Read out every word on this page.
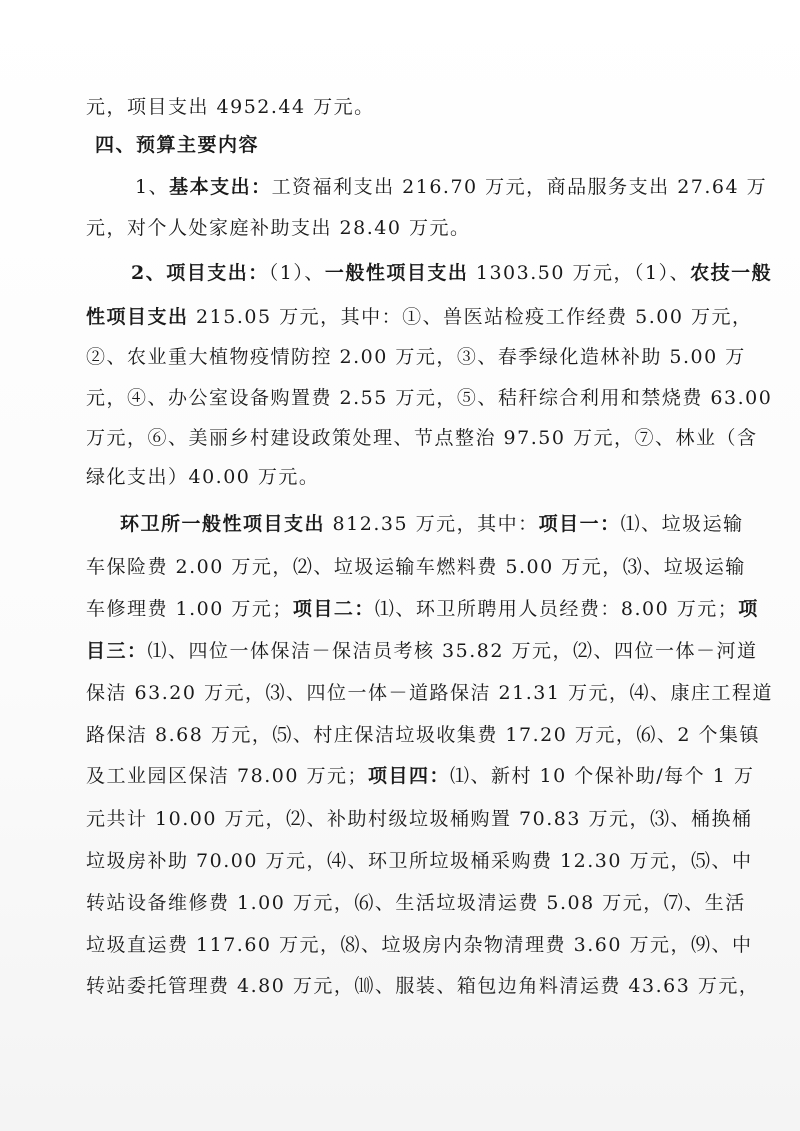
元，项目支出 4952.44 万元。
四、预算主要内容
1、基本支出：工资福利支出 216.70 万元，商品服务支出 27.64 万
元，对个人处家庭补助支出 28.40 万元。
2、项目支出：（1）、一般性项目支出 1303.50 万元，（1）、农技一般
性项目支出 215.05 万元，其中：①、兽医站检疫工作经费 5.00 万元，
②、农业重大植物疫情防控 2.00 万元，③、春季绿化造林补助 5.00 万
元，④、办公室设备购置费 2.55 万元，⑤、秸秆综合利用和禁烧费 63.00
万元，⑥、美丽乡村建设政策处理、节点整治 97.50 万元，⑦、林业（含
绿化支出）40.00 万元。
环卫所一般性项目支出 812.35 万元，其中：项目一：⑴、垃圾运输
车保险费 2.00 万元，⑵、垃圾运输车燃料费 5.00 万元，⑶、垃圾运输
车修理费 1.00 万元；项目二：⑴、环卫所聘用人员经费：8.00 万元；项
目三：⑴、四位一体保洁－保洁员考核 35.82 万元，⑵、四位一体－河道
保洁 63.20 万元，⑶、四位一体－道路保洁 21.31 万元，⑷、康庄工程道
路保洁 8.68 万元，⑸、村庄保洁垃圾收集费 17.20 万元，⑹、2 个集镇
及工业园区保洁 78.00 万元；项目四：⑴、新村 10 个保补助/每个 1 万
元共计 10.00 万元，⑵、补助村级垃圾桶购置 70.83 万元，⑶、桶换桶
垃圾房补助 70.00 万元，⑷、环卫所垃圾桶采购费 12.30 万元，⑸、中
转站设备维修费 1.00 万元，⑹、生活垃圾清运费 5.08 万元，⑺、生活
垃圾直运费 117.60 万元，⑻、垃圾房内杂物清理费 3.60 万元，⑼、中
转站委托管理费 4.80 万元，⑽、服装、箱包边角料清运费 43.63 万元，
